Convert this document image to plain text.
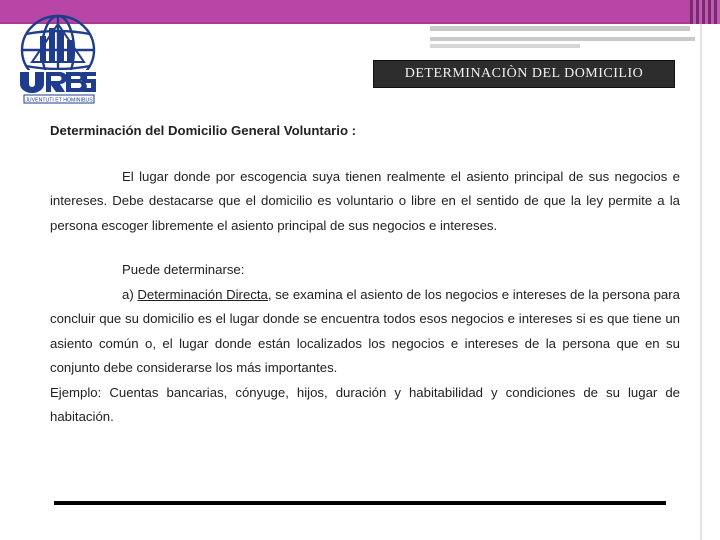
JUVENTUTI ET HOMINIBUS
DETERMINACIÒN DEL DOMICILIO

Determinación del Domicilio General Voluntario :

El lugar donde por escogencia suya tienen realmente el asiento principal de sus negocios e intereses. Debe destacarse que el domicilio es voluntario o libre en el sentido de que la ley permite a la persona escoger libremente el asiento principal de sus negocios e intereses.

Puede determinarse:

a) Determinación Directa, se examina el asiento de los negocios e intereses de la persona para concluir que su domicilio es el lugar donde se encuentra todos esos negocios e intereses si es que tiene un asiento común o, el lugar donde están localizados los negocios e intereses de la persona que en su conjunto debe considerarse los más importantes.

Ejemplo: Cuentas bancarias, cónyuge, hijos, duración y habitabilidad y condiciones de su lugar de habitación.
